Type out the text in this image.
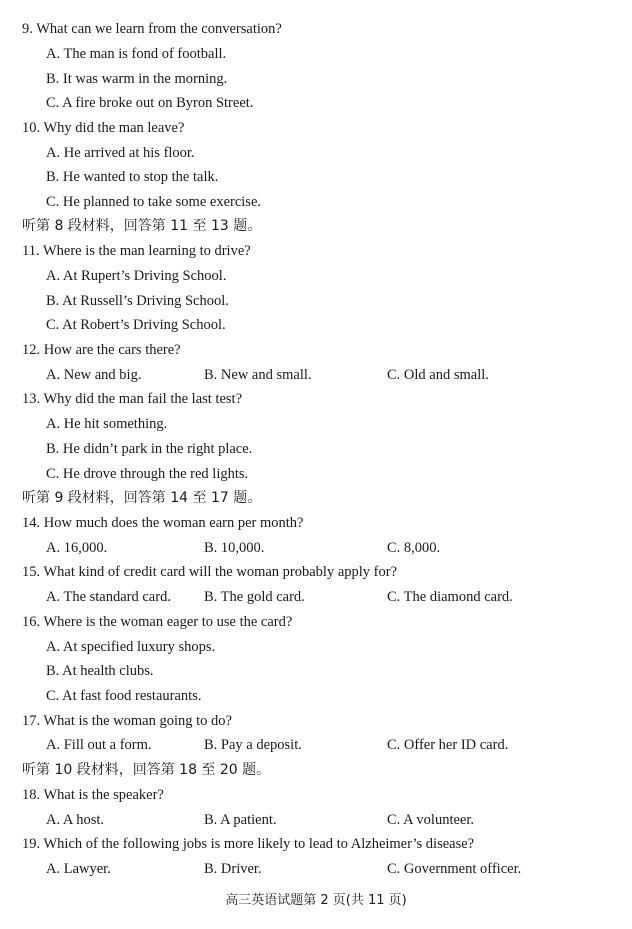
9. What can we learn from the conversation?
A. The man is fond of football.
B. It was warm in the morning.
C. A fire broke out on Byron Street.
10. Why did the man leave?
A. He arrived at his floor.
B. He wanted to stop the talk.
C. He planned to take some exercise.
听第 8 段材料，回答第 11 至 13 题。
11. Where is the man learning to drive?
A. At Rupert’s Driving School.
B. At Russell’s Driving School.
C. At Robert’s Driving School.
12. How are the cars there?
A. New and big.	B. New and small.	C. Old and small.
13. Why did the man fail the last test?
A. He hit something.
B. He didn’t park in the right place.
C. He drove through the red lights.
听第 9 段材料，回答第 14 至 17 题。
14. How much does the woman earn per month?
A. 16,000.	B. 10,000.	C. 8,000.
15. What kind of credit card will the woman probably apply for?
A. The standard card. B. The gold card.	C. The diamond card.
16. Where is the woman eager to use the card?
A. At specified luxury shops.
B. At health clubs.
C. At fast food restaurants.
17. What is the woman going to do?
A. Fill out a form.	B. Pay a deposit.	C. Offer her ID card.
听第 10 段材料，回答第 18 至 20 题。
18. What is the speaker?
A. A host.	B. A patient.	C. A volunteer.
19. Which of the following jobs is more likely to lead to Alzheimer’s disease?
A. Lawyer.	B. Driver.	C. Government officer.
高三英语试题第 2 页(共 11 页)
